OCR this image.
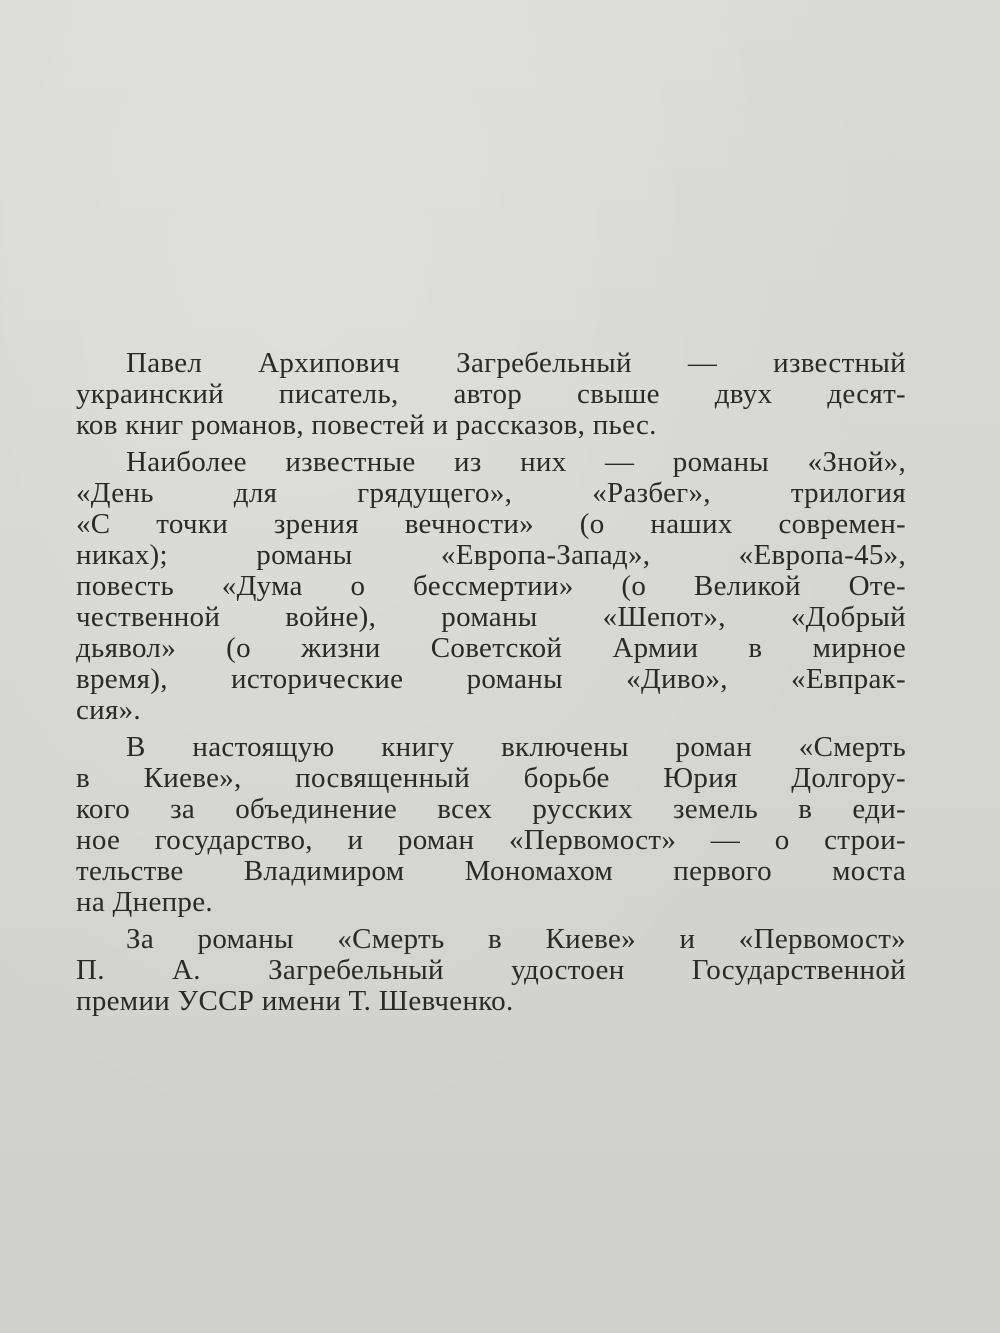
Павел Архипович Загребельный — известный
украинский писатель, автор свыше двух десят-
ков книг романов, повестей и рассказов, пьес.
Наиболее известные из них — романы «Зной»,
«День для грядущего», «Разбег», трилогия
«С точки зрения вечности» (о наших современ-
никах); романы «Европа-Запад», «Европа-45»,
повесть «Дума о бессмертии» (о Великой Оте-
чественной войне), романы «Шепот», «Добрый
дьявол» (о жизни Советской Армии в мирное
время), исторические романы «Диво», «Евпрак-
сия».
В настоящую книгу включены роман «Смерть
в Киеве», посвященный борьбе Юрия Долгору-
кого за объединение всех русских земель в еди-
ное государство, и роман «Первомост» — о строи-
тельстве Владимиром Мономахом первого моста
на Днепре.
За романы «Смерть в Киеве» и «Первомост»
П. А. Загребельный удостоен Государственной
премии УССР имени Т. Шевченко.
